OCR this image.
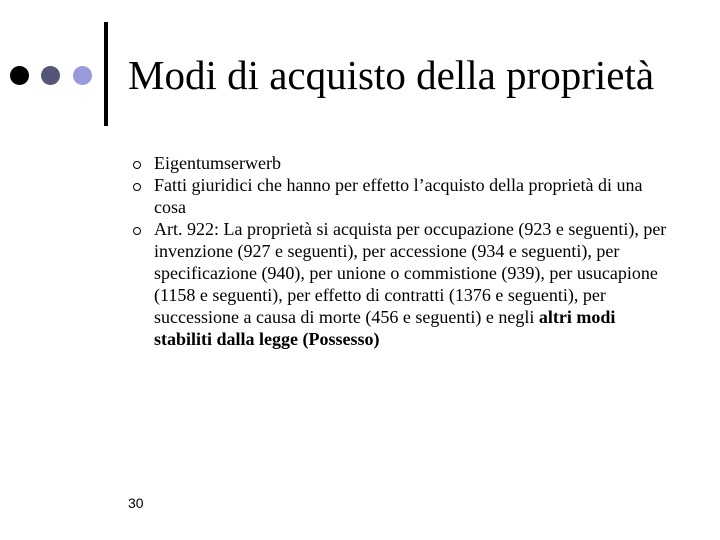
Modi di acquisto della proprietà
Eigentumserwerb
Fatti giuridici che hanno per effetto l’acquisto della proprietà di una cosa
Art. 922: La proprietà si acquista per occupazione (923 e seguenti), per invenzione (927 e seguenti), per accessione (934 e seguenti), per specificazione (940), per unione o commistione (939), per usucapione (1158 e seguenti), per effetto di contratti (1376 e seguenti), per successione a causa di morte (456 e seguenti) e negli altri modi stabiliti dalla legge (Possesso)
30
